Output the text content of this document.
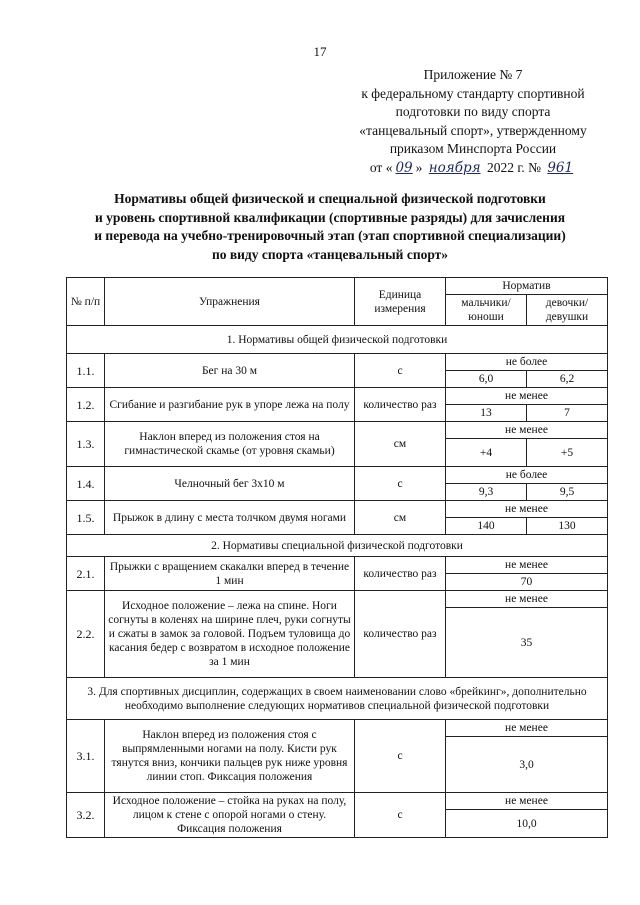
17
Приложение № 7
к федеральному стандарту спортивной
подготовки по виду спорта
«танцевальный спорт», утвержденному
приказом Минспорта России
от « 09 » ноября 2022 г. № 961
Нормативы общей физической и специальной физической подготовки
и уровень спортивной квалификации (спортивные разряды) для зачисления
и перевода на учебно-тренировочный этап (этап спортивной специализации)
по виду спорта «танцевальный спорт»
№ п/п	Упражнения	Единица измерения	Норматив	
			мальчики/ юноши	девочки/ девушки
1. Нормативы общей физической подготовки				
1.1.	Бег на 30 м	с	не более	
			6,0	6,2
1.2.	Сгибание и разгибание рук в упоре лежа на полу	количество раз	не менее	
			13	7
1.3.	Наклон вперед из положения стоя на гимнастической скамье (от уровня скамьи)	см	не менее	
			+4	+5
1.4.	Челночный бег 3х10 м	с	не более	
			9,3	9,5
1.5.	Прыжок в длину с места толчком двумя ногами	см	не менее	
			140	130
2. Нормативы специальной физической подготовки				
2.1.	Прыжки с вращением скакалки вперед в течение 1 мин	количество раз	не менее	
			70	
2.2.	Исходное положение – лежа на спине. Ноги согнуты в коленях на ширине плеч, руки согнуты и сжаты в замок за головой. Подъем туловища до касания бедер с возвратом в исходное положение за 1 мин	количество раз	не менее	
			35	
3. Для спортивных дисциплин, содержащих в своем наименовании слово «брейкинг», дополнительно необходимо выполнение следующих нормативов специальной физической подготовки				
3.1.	Наклон вперед из положения стоя с выпрямленными ногами на полу. Кисти рук тянутся вниз, кончики пальцев рук ниже уровня линии стоп. Фиксация положения	с	не менее	
			3,0	
3.2.	Исходное положение – стойка на руках на полу, лицом к стене с опорой ногами о стену. Фиксация положения	с	не менее	
			10,0	
